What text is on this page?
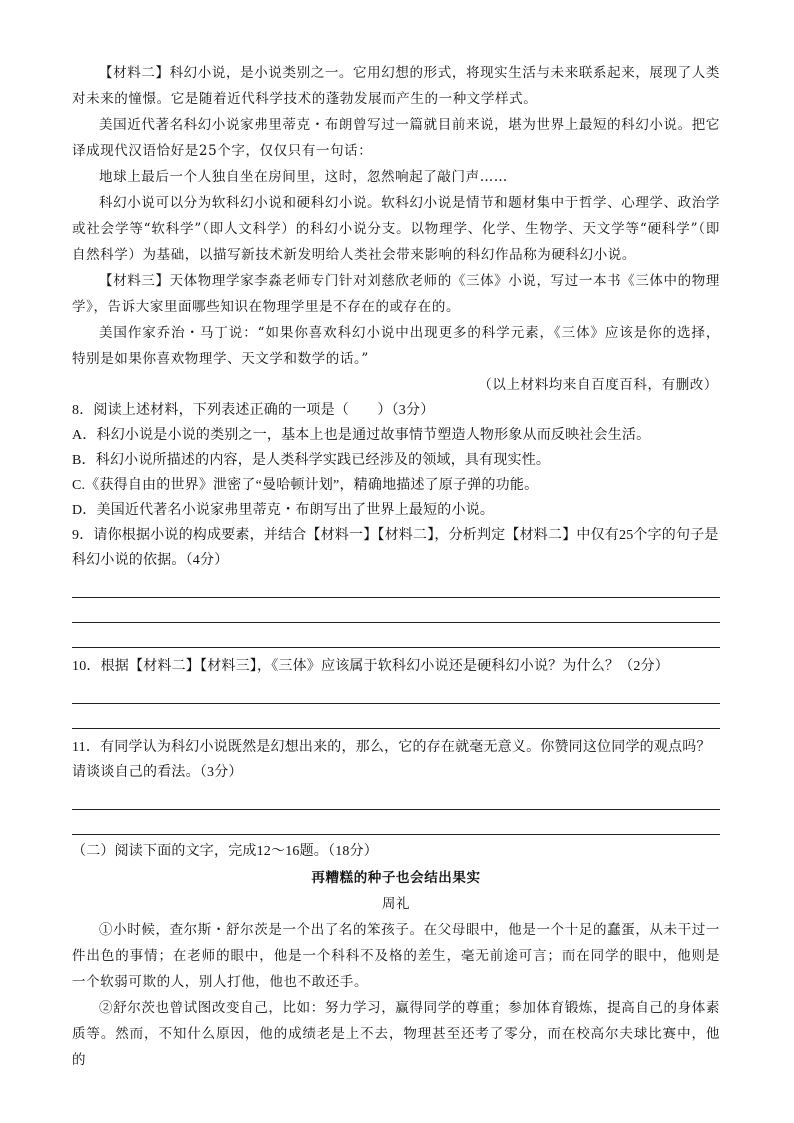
【材料二】科幻小说，是小说类别之一。它用幻想的形式，将现实生活与未来联系起来，展现了人类对未来的憧憬。它是随着近代科学技术的蓬勃发展而产生的一种文学样式。

美国近代著名科幻小说家弗里蒂克・布朗曾写过一篇就目前来说，堪为世界上最短的科幻小说。把它译成现代汉语恰好是25个字，仅仅只有一句话：

地球上最后一个人独自坐在房间里，这时，忽然响起了敲门声……

科幻小说可以分为软科幻小说和硬科幻小说。软科幻小说是情节和题材集中于哲学、心理学、政治学或社会学等“软科学”（即人文科学）的科幻小说分支。以物理学、化学、生物学、天文学等“硬科学”（即自然科学）为基础，以描写新技术新发明给人类社会带来影响的科幻作品称为硬科幻小说。

【材料三】天体物理学家李淼老师专门针对刘慈欣老师的《三体》小说，写过一本书《三体中的物理学》，告诉大家里面哪些知识在物理学里是不存在的或存在的。

美国作家乔治・马丁说：“如果你喜欢科幻小说中出现更多的科学元素，《三体》应该是你的选择，特别是如果你喜欢物理学、天文学和数学的话。”

（以上材料均来自百度百科，有删改）

8．阅读上述材料，下列表述正确的一项是（　　）（3分）

A．科幻小说是小说的类别之一，基本上也是通过故事情节塑造人物形象从而反映社会生活。

B．科幻小说所描述的内容，是人类科学实践已经涉及的领域，具有现实性。

C.《获得自由的世界》泄密了“曼哈顿计划”，精确地描述了原子弹的功能。

D．美国近代著名小说家弗里蒂克・布朗写出了世界上最短的小说。

9．请你根据小说的构成要素，并结合【材料一】【材料二】，分析判定【材料二】中仅有25个字的句子是科幻小说的依据。（4分）

10．根据【材料二】【材料三】，《三体》应该属于软科幻小说还是硬科幻小说？为什么？（2分）

11．有同学认为科幻小说既然是幻想出来的，那么，它的存在就毫无意义。你赞同这位同学的观点吗？请谈谈自己的看法。（3分）

（二）阅读下面的文字，完成12～16题。（18分）

再糟糕的种子也会结出果实

周礼

①小时候，查尔斯・舒尔茨是一个出了名的笨孩子。在父母眼中，他是一个十足的蠢蛋，从未干过一件出色的事情；在老师的眼中，他是一个科科不及格的差生，毫无前途可言；而在同学的眼中，他则是一个软弱可欺的人，别人打他，他也不敢还手。

②舒尔茨也曾试图改变自己，比如：努力学习，赢得同学的尊重；参加体育锻炼，提高自己的身体素质等。然而，不知什么原因，他的成绩老是上不去，物理甚至还考了零分，而在校高尔夫球比赛中，他的
